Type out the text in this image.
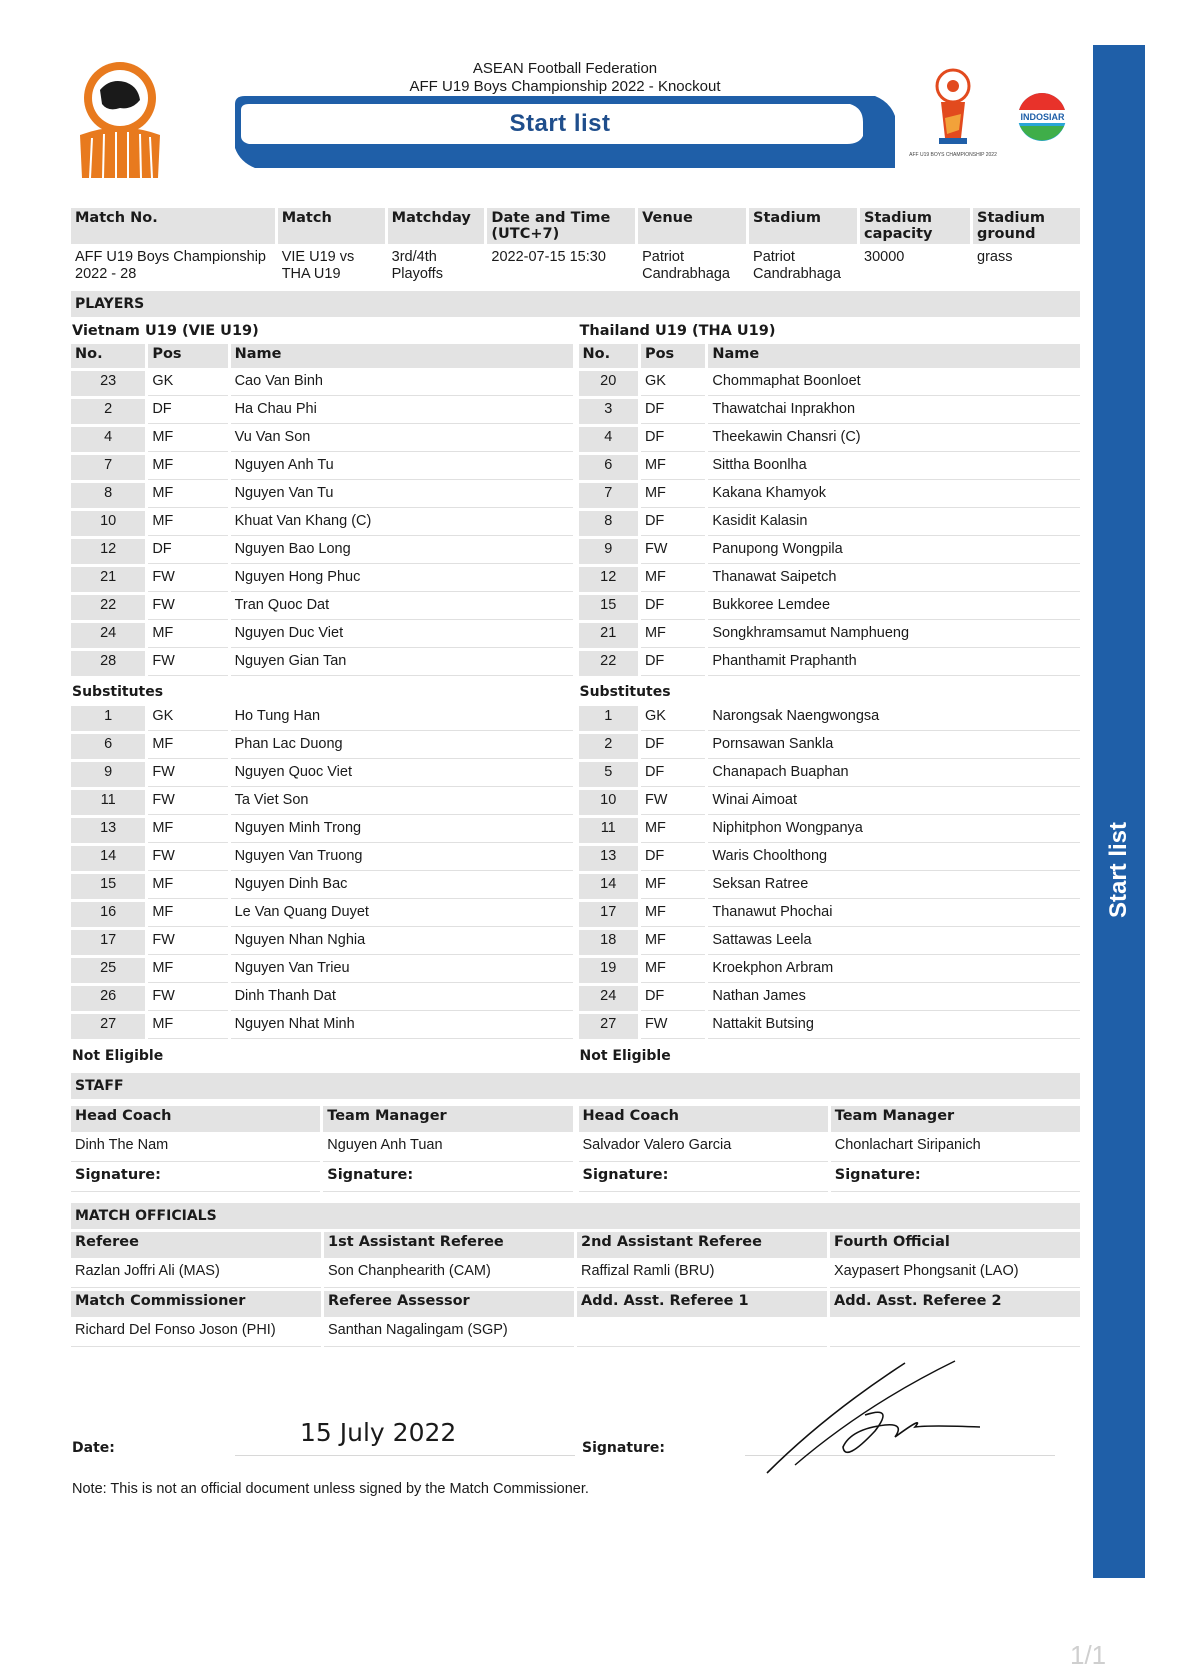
ASEAN Football Federation
AFF U19 Boys Championship 2022 - Knockout
Start list
AFF U19 BOYS CHAMPIONSHIP 2022
INDOSIAR
Start list
Match No.	Match	Matchday	Date and Time (UTC+7)	Venue	Stadium	Stadium capacity	Stadium ground
AFF U19 Boys Championship 2022 - 28	VIE U19 vs THA U19	3rd/4th Playoffs	2022-07-15 15:30	Patriot Candrabhaga	Patriot Candrabhaga	30000	grass
PLAYERS
Vietnam U19 (VIE U19)
No.	Pos	Name
23	GK	Cao Van Binh
2	DF	Ha Chau Phi
4	MF	Vu Van Son
7	MF	Nguyen Anh Tu
8	MF	Nguyen Van Tu
10	MF	Khuat Van Khang (C)
12	DF	Nguyen Bao Long
21	FW	Nguyen Hong Phuc
22	FW	Tran Quoc Dat
24	MF	Nguyen Duc Viet
28	FW	Nguyen Gian Tan
Substitutes
1	GK	Ho Tung Han
6	MF	Phan Lac Duong
9	FW	Nguyen Quoc Viet
11	FW	Ta Viet Son
13	MF	Nguyen Minh Trong
14	FW	Nguyen Van Truong
15	MF	Nguyen Dinh Bac
16	MF	Le Van Quang Duyet
17	FW	Nguyen Nhan Nghia
25	MF	Nguyen Van Trieu
26	FW	Dinh Thanh Dat
27	MF	Nguyen Nhat Minh
Not Eligible
Thailand U19 (THA U19)
No.	Pos	Name
20	GK	Chommaphat Boonloet
3	DF	Thawatchai Inprakhon
4	DF	Theekawin Chansri (C)
6	MF	Sittha Boonlha
7	MF	Kakana Khamyok
8	DF	Kasidit Kalasin
9	FW	Panupong Wongpila
12	MF	Thanawat Saipetch
15	DF	Bukkoree Lemdee
21	MF	Songkhramsamut Namphueng
22	DF	Phanthamit Praphanth
Substitutes
1	GK	Narongsak Naengwongsa
2	DF	Pornsawan Sankla
5	DF	Chanapach Buaphan
10	FW	Winai Aimoat
11	MF	Niphitphon Wongpanya
13	DF	Waris Choolthong
14	MF	Seksan Ratree
17	MF	Thanawut Phochai
18	MF	Sattawas Leela
19	MF	Kroekphon Arbram
24	DF	Nathan James
27	FW	Nattakit Butsing
Not Eligible
STAFF
Head Coach	Team Manager
Dinh The Nam	Nguyen Anh Tuan
Signature:	Signature:
Head Coach	Team Manager
Salvador Valero Garcia	Chonlachart Siripanich
Signature:	Signature:
MATCH OFFICIALS
Referee	1st Assistant Referee	2nd Assistant Referee	Fourth Official
Razlan Joffri Ali (MAS)	Son Chanphearith (CAM)	Raffizal Ramli (BRU)	Xaypasert Phongsanit (LAO)
Match Commissioner	Referee Assessor	Add. Asst. Referee 1	Add. Asst. Referee 2
Richard Del Fonso Joson (PHI)	Santhan Nagalingam (SGP)		
Date:
15 July 2022
Signature:
Note: This is not an official document unless signed by the Match Commissioner.
1/1
